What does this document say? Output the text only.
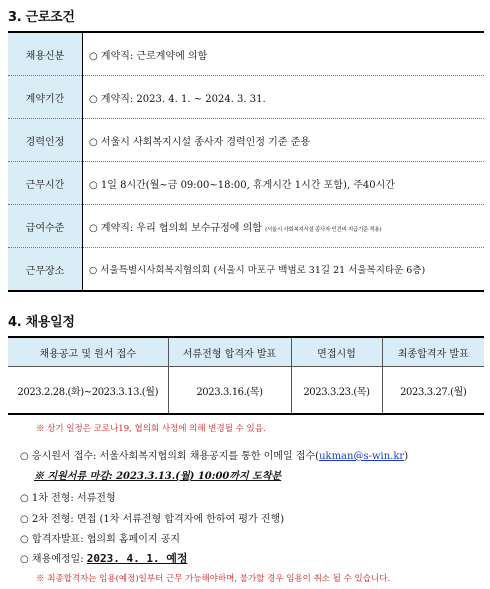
3. 근로조건
채용신분	○ 계약직: 근로계약에 의함
계약기간	○ 계약직: 2023. 4. 1. ~ 2024. 3. 31.
경력인정	○ 서울시 사회복지시설 종사자 경력인정 기준 준용
근무시간	○ 1일 8시간(월~금 09:00~18:00, 휴게시간 1시간 포함), 주40시간
급여수준	○ 계약직: 우리 협의회 보수규정에 의함 (서울시 사회복지시설 종사자 인건비 지급기준 적용)
근무장소	○ 서울특별시사회복지협의회 (서울시 마포구 백범로 31길 21 서울복지타운 6층)
4. 채용일정
채용공고 및 원서 접수	서류전형 합격자 발표	면접시험	최종합격자 발표
2023.2.28.(화)~2023.3.13.(월)	2023.3.16.(목)	2023.3.23.(목)	2023.3.27.(월)
※ 상기 일정은 코로나19, 협의회 사정에 의해 변경될 수 있음.
○ 응시원서 접수: 서울사회복지협의회 채용공지를 통한 이메일 접수(ukman@s-win.kr)
※ 지원서류 마감: 2023.3.13.(월) 10:00까지 도착분
○ 1차 전형: 서류전형
○ 2차 전형: 면접 (1차 서류전형 합격자에 한하여 평가 진행)
○ 합격자발표: 협의회 홈페이지 공지
○ 채용예정일: 2023. 4. 1. 예정
※ 최종합격자는 임용(예정)일부터 근무 가능해야하며, 불가할 경우 임용이 취소 될 수 있습니다.
